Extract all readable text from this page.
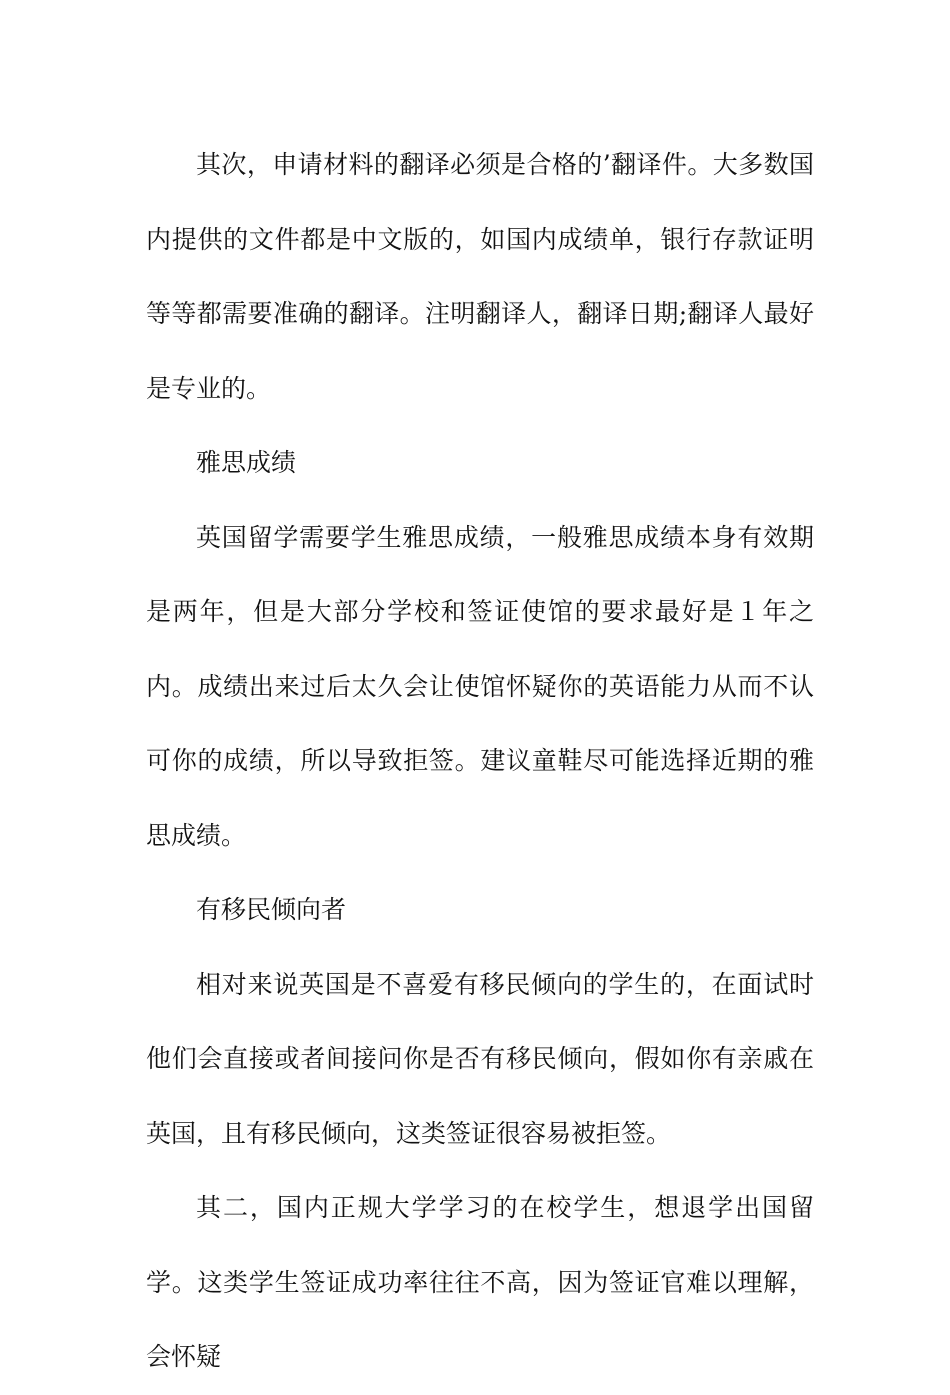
其次，申请材料的翻译必须是合格的’翻译件。大多数国内提供的文件都是中文版的，如国内成绩单，银行存款证明等等都需要准确的翻译。注明翻译人，翻译日期;翻译人最好是专业的。

雅思成绩

英国留学需要学生雅思成绩，一般雅思成绩本身有效期是两年，但是大部分学校和签证使馆的要求最好是１年之内。成绩出来过后太久会让使馆怀疑你的英语能力从而不认可你的成绩，所以导致拒签。建议童鞋尽可能选择近期的雅思成绩。

有移民倾向者

相对来说英国是不喜爱有移民倾向的学生的，在面试时他们会直接或者间接问你是否有移民倾向，假如你有亲戚在英国，且有移民倾向，这类签证很容易被拒签。

其二，国内正规大学学习的在校学生，想退学出国留学。这类学生签证成功率往往不高，因为签证官难以理解，会怀疑
